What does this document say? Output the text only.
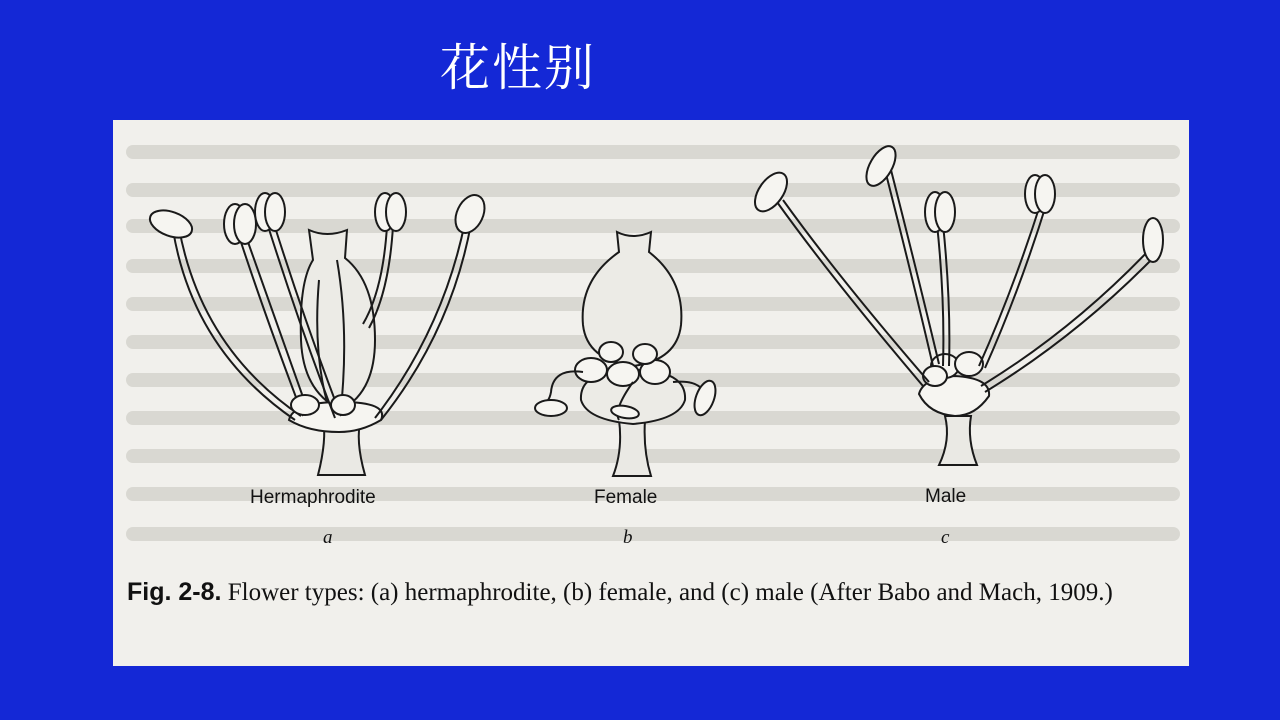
花性别
Hermaphrodite	Female	Male
a	b	c
Fig. 2-8. Flower types: (a) hermaphrodite, (b) female, and (c) male (After Babo and Mach, 1909.)
